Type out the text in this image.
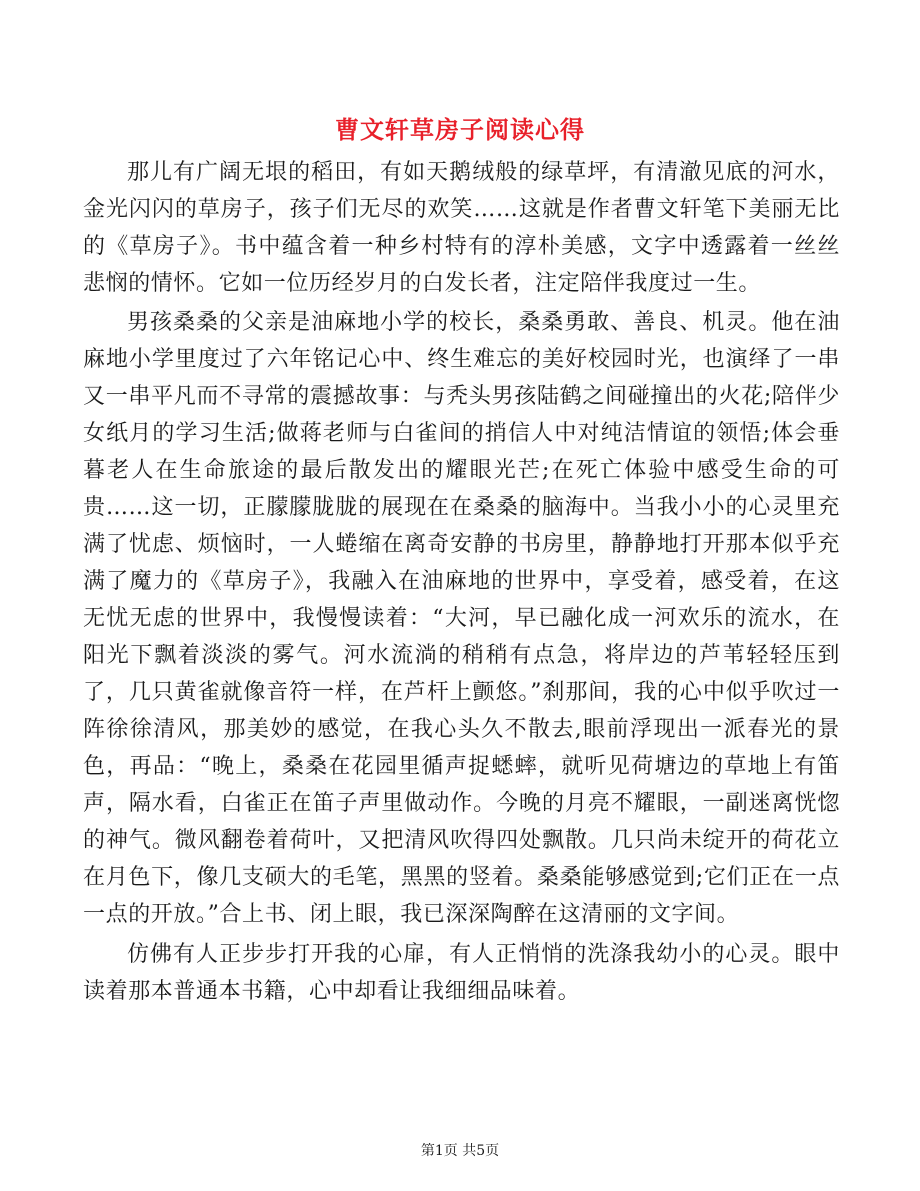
曹文轩草房子阅读心得

那儿有广阔无垠的稻田，有如天鹅绒般的绿草坪，有清澈见底的河水，金光闪闪的草房子，孩子们无尽的欢笑……这就是作者曹文轩笔下美丽无比的《草房子》。书中蕴含着一种乡村特有的淳朴美感，文字中透露着一丝丝悲悯的情怀。它如一位历经岁月的白发长者，注定陪伴我度过一生。

男孩桑桑的父亲是油麻地小学的校长，桑桑勇敢、善良、机灵。他在油麻地小学里度过了六年铭记心中、终生难忘的美好校园时光，也演绎了一串又一串平凡而不寻常的震撼故事：与秃头男孩陆鹤之间碰撞出的火花;陪伴少女纸月的学习生活;做蒋老师与白雀间的捎信人中对纯洁情谊的领悟;体会垂暮老人在生命旅途的最后散发出的耀眼光芒;在死亡体验中感受生命的可贵……这一切，正朦朦胧胧的展现在在桑桑的脑海中。当我小小的心灵里充满了忧虑、烦恼时，一人蜷缩在离奇安静的书房里，静静地打开那本似乎充满了魔力的《草房子》，我融入在油麻地的世界中，享受着，感受着，在这无忧无虑的世界中，我慢慢读着：“大河，早已融化成一河欢乐的流水，在阳光下飘着淡淡的雾气。河水流淌的稍稍有点急，将岸边的芦苇轻轻压到了，几只黄雀就像音符一样，在芦杆上颤悠。”刹那间，我的心中似乎吹过一阵徐徐清风，那美妙的感觉，在我心头久不散去,眼前浮现出一派春光的景色，再品：“晚上，桑桑在花园里循声捉蟋蟀，就听见荷塘边的草地上有笛声，隔水看，白雀正在笛子声里做动作。今晚的月亮不耀眼，一副迷离恍惚的神气。微风翻卷着荷叶，又把清风吹得四处飘散。几只尚未绽开的荷花立在月色下，像几支硕大的毛笔，黑黑的竖着。桑桑能够感觉到;它们正在一点一点的开放。”合上书、闭上眼，我已深深陶醉在这清丽的文字间。

仿佛有人正步步打开我的心扉，有人正悄悄的洗涤我幼小的心灵。眼中读着那本普通本书籍，心中却看让我细细品味着。

第1页 共5页
